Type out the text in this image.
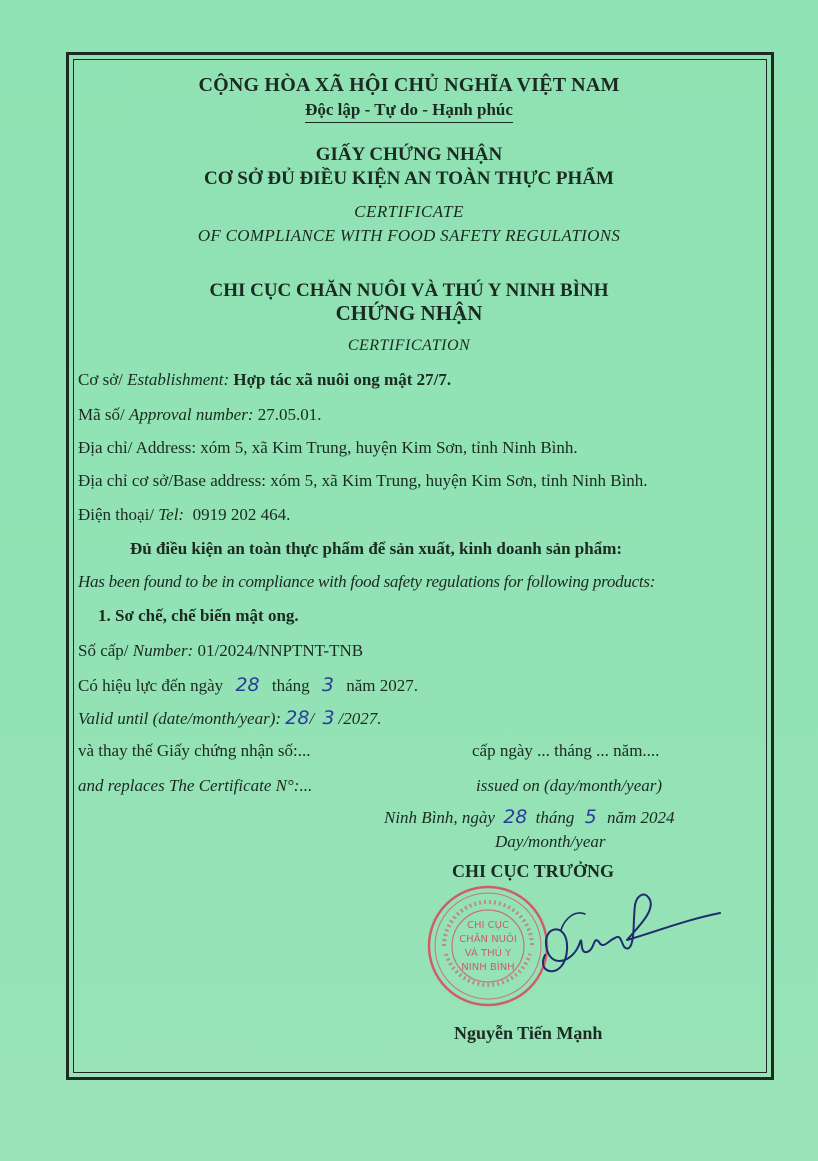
CỘNG HÒA XÃ HỘI CHỦ NGHĨA VIỆT NAM
Độc lập - Tự do - Hạnh phúc
GIẤY CHỨNG NHẬN
CƠ SỞ ĐỦ ĐIỀU KIỆN AN TOÀN THỰC PHẨM
CERTIFICATE
OF COMPLIANCE WITH FOOD SAFETY REGULATIONS
CHI CỤC CHĂN NUÔI VÀ THÚ Y NINH BÌNH
CHỨNG NHẬN
CERTIFICATION
Cơ sở/ Establishment: Hợp tác xã nuôi ong mật 27/7.
Mã số/ Approval number: 27.05.01.
Địa chỉ/ Address: xóm 5, xã Kim Trung, huyện Kim Sơn, tỉnh Ninh Bình.
Địa chỉ cơ sở/Base address: xóm 5, xã Kim Trung, huyện Kim Sơn, tỉnh Ninh Bình.
Điện thoại/ Tel: 0919 202 464.
Đủ điều kiện an toàn thực phẩm để sản xuất, kinh doanh sản phẩm:
Has been found to be in compliance with food safety regulations for following products:
1. Sơ chế, chế biến mật ong.
Số cấp/ Number: 01/2024/NNPTNT-TNB
Có hiệu lực đến ngày 28 tháng 3 năm 2027.
Valid until (date/month/year): 28/ 3 /2027.
và thay thế Giấy chứng nhận số:...	cấp ngày ... tháng ... năm....
and replaces The Certificate N°:...	issued on (day/month/year)
Ninh Bình, ngày 28 tháng 5 năm 2024
Day/month/year
CHI CỤC TRƯỞNG
CHI CỤC
CHĂN NUÔI
VÀ THÚ Y
NINH BÌNH
Nguyễn Tiến Mạnh
